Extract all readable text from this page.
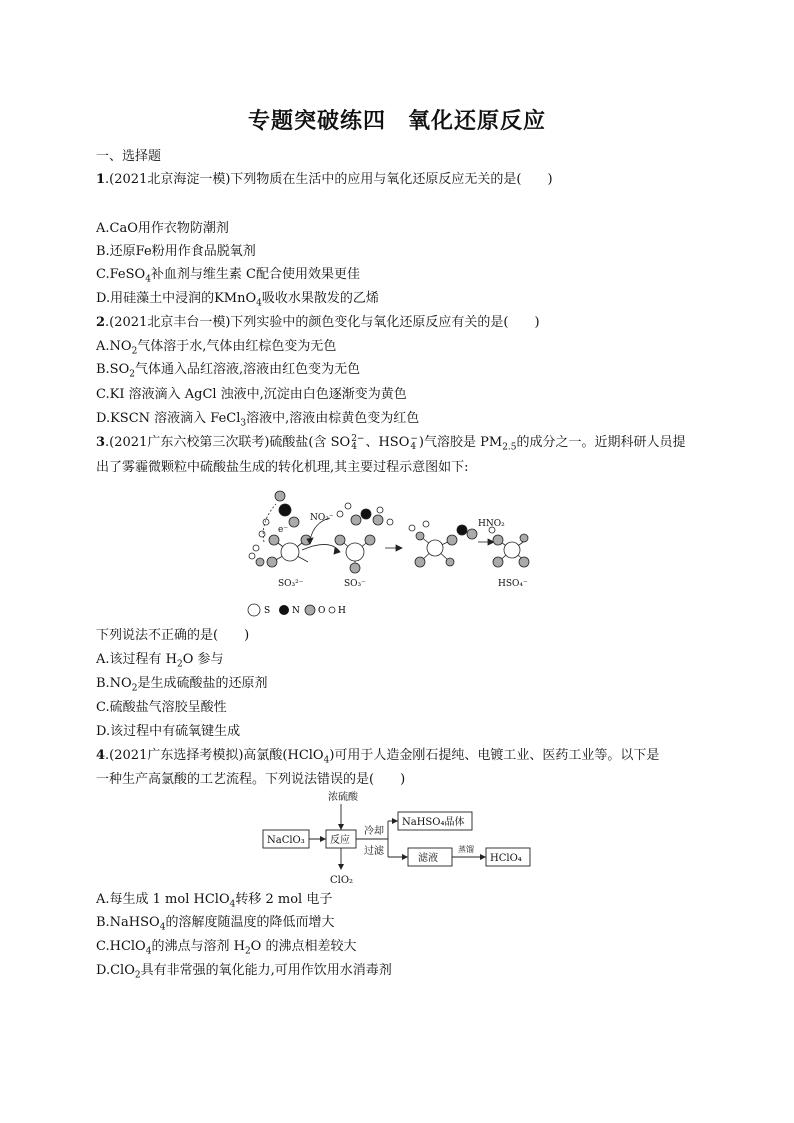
专题突破练四 氧化还原反应
一、选择题
1.(2021北京海淀一模)下列物质在生活中的应用与氧化还原反应无关的是(　　)
A.CaO用作衣物防潮剂
B.还原Fe粉用作食品脱氧剂
C.FeSO$_4$补血剂与维生素 C配合使用效果更佳
D.用硅藻土中浸润的KMnO$_4$吸收水果散发的乙烯
2.(2021北京丰台一模)下列实验中的颜色变化与氧化还原反应有关的是(　　)
$A.NO_2$气体溶于水,气体由红棕色变为无色
$B.SO_2$气体通入品红溶液,溶液由红色变为无色
C.KI 溶液滴入 AgCl 浊液中,沉淀由白色逐渐变为黄色
D.KSCN 溶液滴入 FeCl$_3$溶液中,溶液由棕黄色变为红色
3.(2021广东六校第三次联考)硫酸盐(含 SO 2−
4 、HSO −
4 )气溶胶是 $PM_{2.5}$的成分之一。近期科研人员提
出了雾霾微颗粒中硫酸盐生成的转化机理,其主要过程示意图如下:
e⁻
NO₂⁻
HNO₂
SO₃²⁻	SO₃⁻	HSO₄⁻
S N O H
下列说法不正确的是(　　)
A.该过程有 $H_2O$ 参与
$B.NO_2$是生成硫酸盐的还原剂
C.硫酸盐气溶胶呈酸性
D.该过程中有硫氧键生成
4.(2021广东选择考模拟)高氯酸(HClO$_4$)可用于人造金刚石提纯、电镀工业、医药工业等。以下是
一种生产高氯酸的工艺流程。下列说法错误的是(　　)
浓硫酸
NaClO₃	反应
冷却
过滤
NaHSO₄晶体
滤液
蒸馏
HClO₄
ClO₂
A.每生成 1 mol HClO$_4$转移 2 mol 电子
B.NaHSO$_4$的溶解度随温度的降低而增大
C.HClO$_4$的沸点与溶剂 $H_2O$ 的沸点相差较大
D.ClO$_2$具有非常强的氧化能力,可用作饮用水消毒剂
